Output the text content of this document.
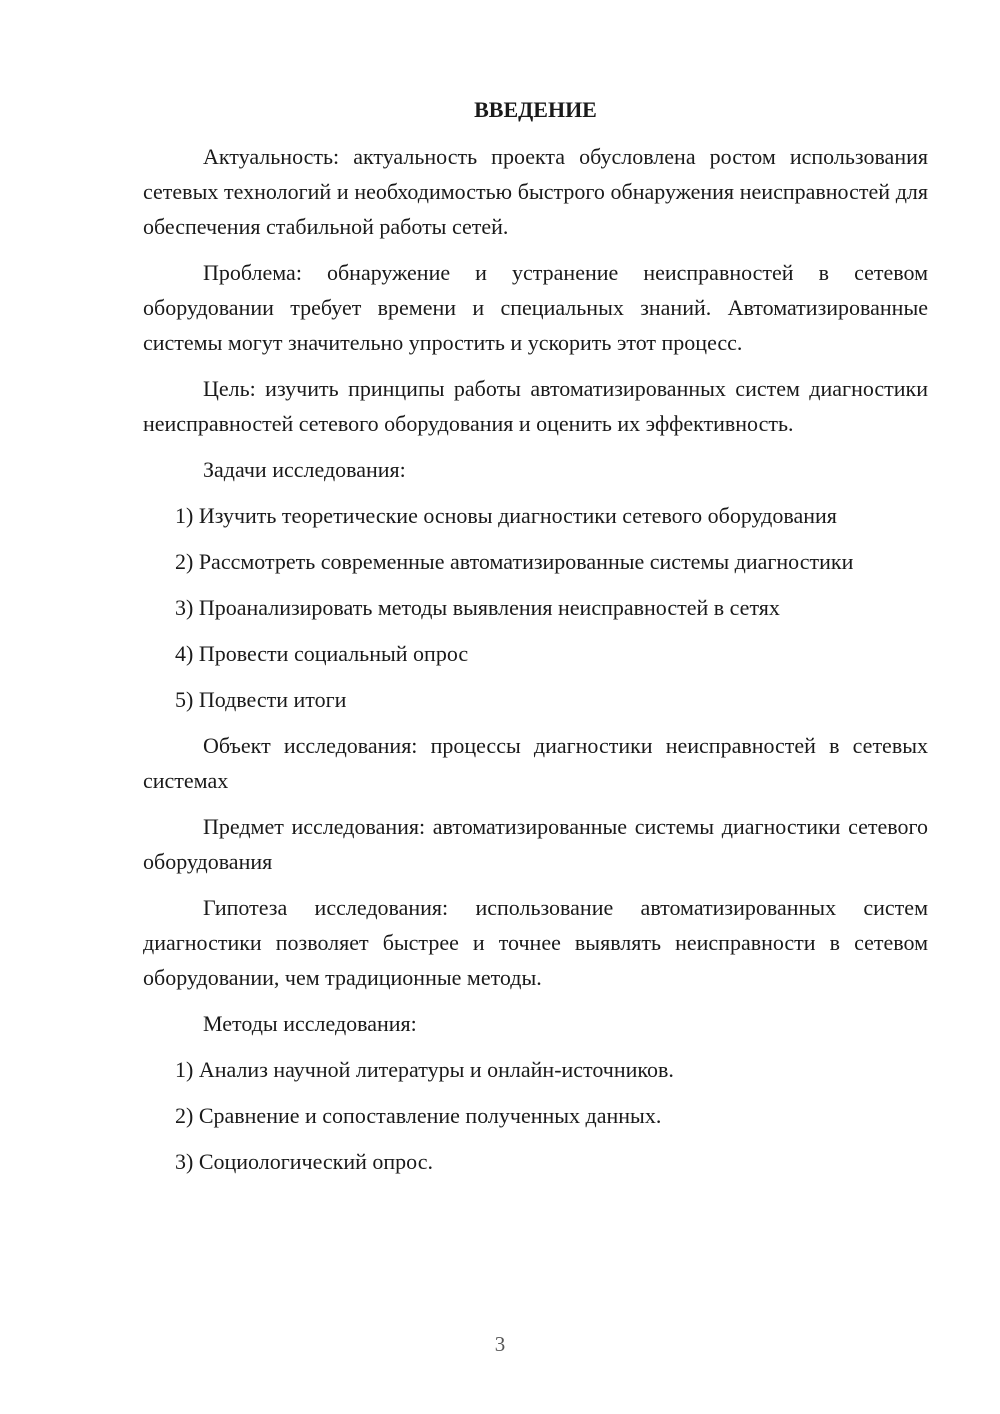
ВВЕДЕНИЕ

Актуальность: актуальность проекта обусловлена ростом использования сетевых технологий и необходимостью быстрого обнаружения неисправностей для обеспечения стабильной работы сетей.

Проблема: обнаружение и устранение неисправностей в сетевом оборудовании требует времени и специальных знаний. Автоматизированные системы могут значительно упростить и ускорить этот процесс.

Цель: изучить принципы работы автоматизированных систем диагностики неисправностей сетевого оборудования и оценить их эффективность.

Задачи исследования:

1) Изучить теоретические основы диагностики сетевого оборудования

2) Рассмотреть современные автоматизированные системы диагностики

3) Проанализировать методы выявления неисправностей в сетях

4) Провести социальный опрос

5) Подвести итоги

Объект исследования: процессы диагностики неисправностей в сетевых системах

Предмет исследования: автоматизированные системы диагностики сетевого оборудования

Гипотеза исследования: использование автоматизированных систем диагностики позволяет быстрее и точнее выявлять неисправности в сетевом оборудовании, чем традиционные методы.

Методы исследования:

1) Анализ научной литературы и онлайн-источников.

2) Сравнение и сопоставление полученных данных.

3) Социологический опрос.

3
